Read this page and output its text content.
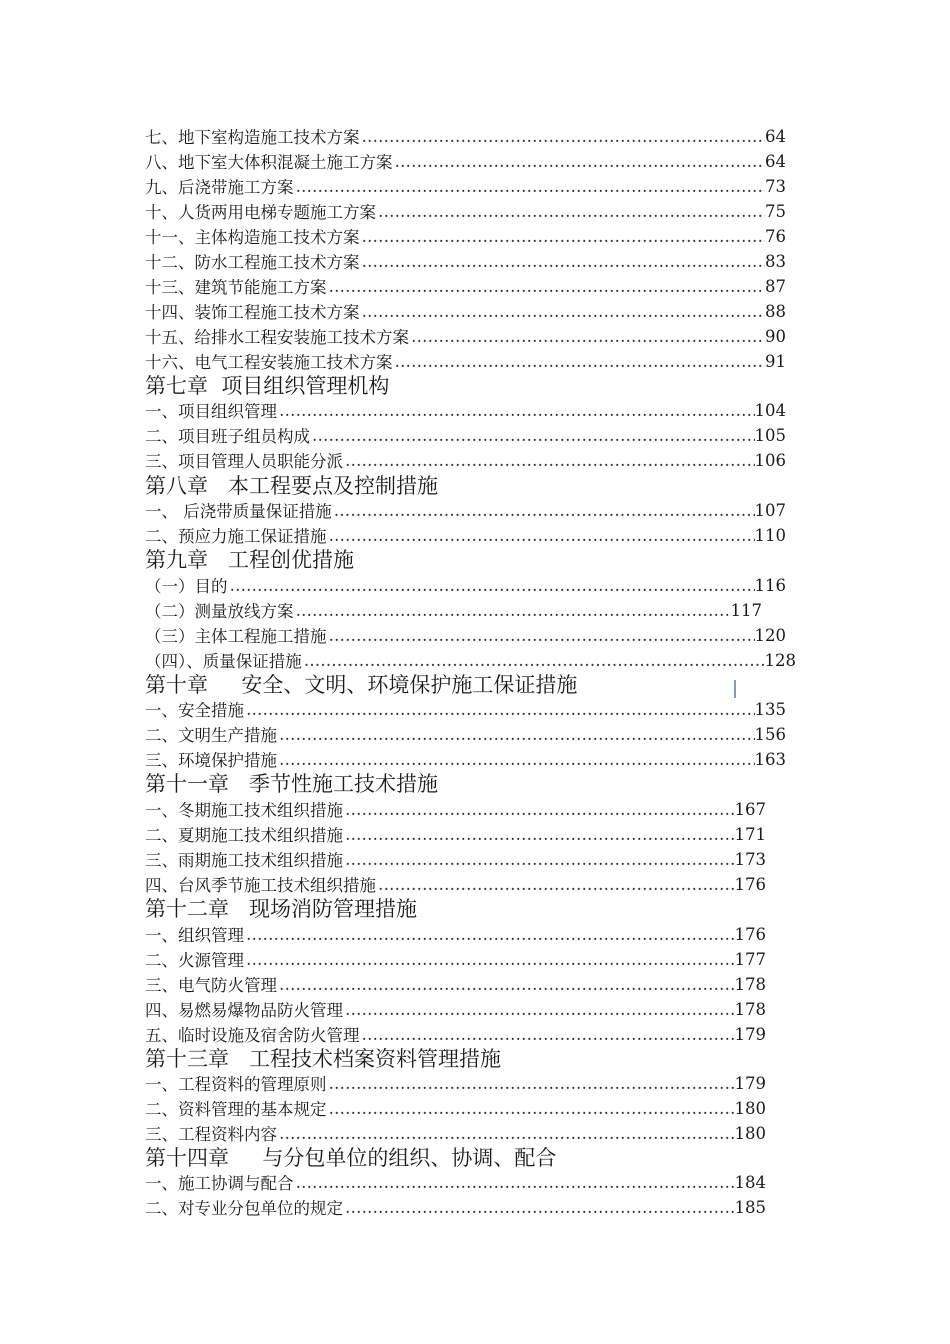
七、地下室构造施工技术方案 ……………………………………………………………………………………………………………………………………………………………………………………………………………………………………………………………………	64
八、地下室大体积混凝土施工方案 ……………………………………………………………………………………………………………………………………………………………………………………………………………………………………………………………………	64
九、后浇带施工方案 ……………………………………………………………………………………………………………………………………………………………………………………………………………………………………………………………………	73
十、人货两用电梯专题施工方案 ……………………………………………………………………………………………………………………………………………………………………………………………………………………………………………………………………	75
十一、主体构造施工技术方案 ……………………………………………………………………………………………………………………………………………………………………………………………………………………………………………………………………	76
十二、防水工程施工技术方案 ……………………………………………………………………………………………………………………………………………………………………………………………………………………………………………………………………	83
十三、建筑节能施工方案 ……………………………………………………………………………………………………………………………………………………………………………………………………………………………………………………………………	87
十四、装饰工程施工技术方案 ……………………………………………………………………………………………………………………………………………………………………………………………………………………………………………………………………	88
十五、给排水工程安装施工技术方案 ……………………………………………………………………………………………………………………………………………………………………………………………………………………………………………………………………	90
十六、电气工程安装施工技术方案 ……………………………………………………………………………………………………………………………………………………………………………………………………………………………………………………………………	91
第七章  项目组织管理机构
一、项目组织管理 ……………………………………………………………………………………………………………………………………………………………………………………………………………………………………………………………………	104
二、项目班子组员构成 ……………………………………………………………………………………………………………………………………………………………………………………………………………………………………………………………………	105
三、项目管理人员职能分派 ……………………………………………………………………………………………………………………………………………………………………………………………………………………………………………………………………	106
第八章   本工程要点及控制措施
一、 后浇带质量保证措施 ……………………………………………………………………………………………………………………………………………………………………………………………………………………………………………………………………	107
二、预应力施工保证措施 ……………………………………………………………………………………………………………………………………………………………………………………………………………………………………………………………………	110
第九章   工程创优措施
（一）目的 ……………………………………………………………………………………………………………………………………………………………………………………………………………………………………………………………………	116
（二）测量放线方案 ……………………………………………………………………………………………………………………………………………………………………………………………………………………………………………………………………	117
（三）主体工程施工措施 ……………………………………………………………………………………………………………………………………………………………………………………………………………………………………………………………………	120
（四）、质量保证措施 ……………………………………………………………………………………………………………………………………………………………………………………………………………………………………………………………………	128
第十章     安全、文明、环境保护施工保证措施
一、安全措施 ……………………………………………………………………………………………………………………………………………………………………………………………………………………………………………………………………	135
二、文明生产措施 ……………………………………………………………………………………………………………………………………………………………………………………………………………………………………………………………………	156
三、环境保护措施 ……………………………………………………………………………………………………………………………………………………………………………………………………………………………………………………………………	163
第十一章   季节性施工技术措施
一、冬期施工技术组织措施 ……………………………………………………………………………………………………………………………………………………………………………………………………………………………………………………………………	167
二、夏期施工技术组织措施 ……………………………………………………………………………………………………………………………………………………………………………………………………………………………………………………………………	171
三、雨期施工技术组织措施 ……………………………………………………………………………………………………………………………………………………………………………………………………………………………………………………………………	173
四、台风季节施工技术组织措施 ……………………………………………………………………………………………………………………………………………………………………………………………………………………………………………………………………	176
第十二章   现场消防管理措施
一、组织管理 ……………………………………………………………………………………………………………………………………………………………………………………………………………………………………………………………………	176
二、火源管理 ……………………………………………………………………………………………………………………………………………………………………………………………………………………………………………………………………	177
三、电气防火管理 ……………………………………………………………………………………………………………………………………………………………………………………………………………………………………………………………………	178
四、易燃易爆物品防火管理 ……………………………………………………………………………………………………………………………………………………………………………………………………………………………………………………………………	178
五、临时设施及宿舍防火管理 ……………………………………………………………………………………………………………………………………………………………………………………………………………………………………………………………………	179
第十三章   工程技术档案资料管理措施
一、工程资料的管理原则 ……………………………………………………………………………………………………………………………………………………………………………………………………………………………………………………………………	179
二、资料管理的基本规定 ……………………………………………………………………………………………………………………………………………………………………………………………………………………………………………………………………	180
三、工程资料内容 ……………………………………………………………………………………………………………………………………………………………………………………………………………………………………………………………………	180
第十四章     与分包单位的组织、协调、配合
一、施工协调与配合 ……………………………………………………………………………………………………………………………………………………………………………………………………………………………………………………………………	184
二、对专业分包单位的规定 ……………………………………………………………………………………………………………………………………………………………………………………………………………………………………………………………………	185
